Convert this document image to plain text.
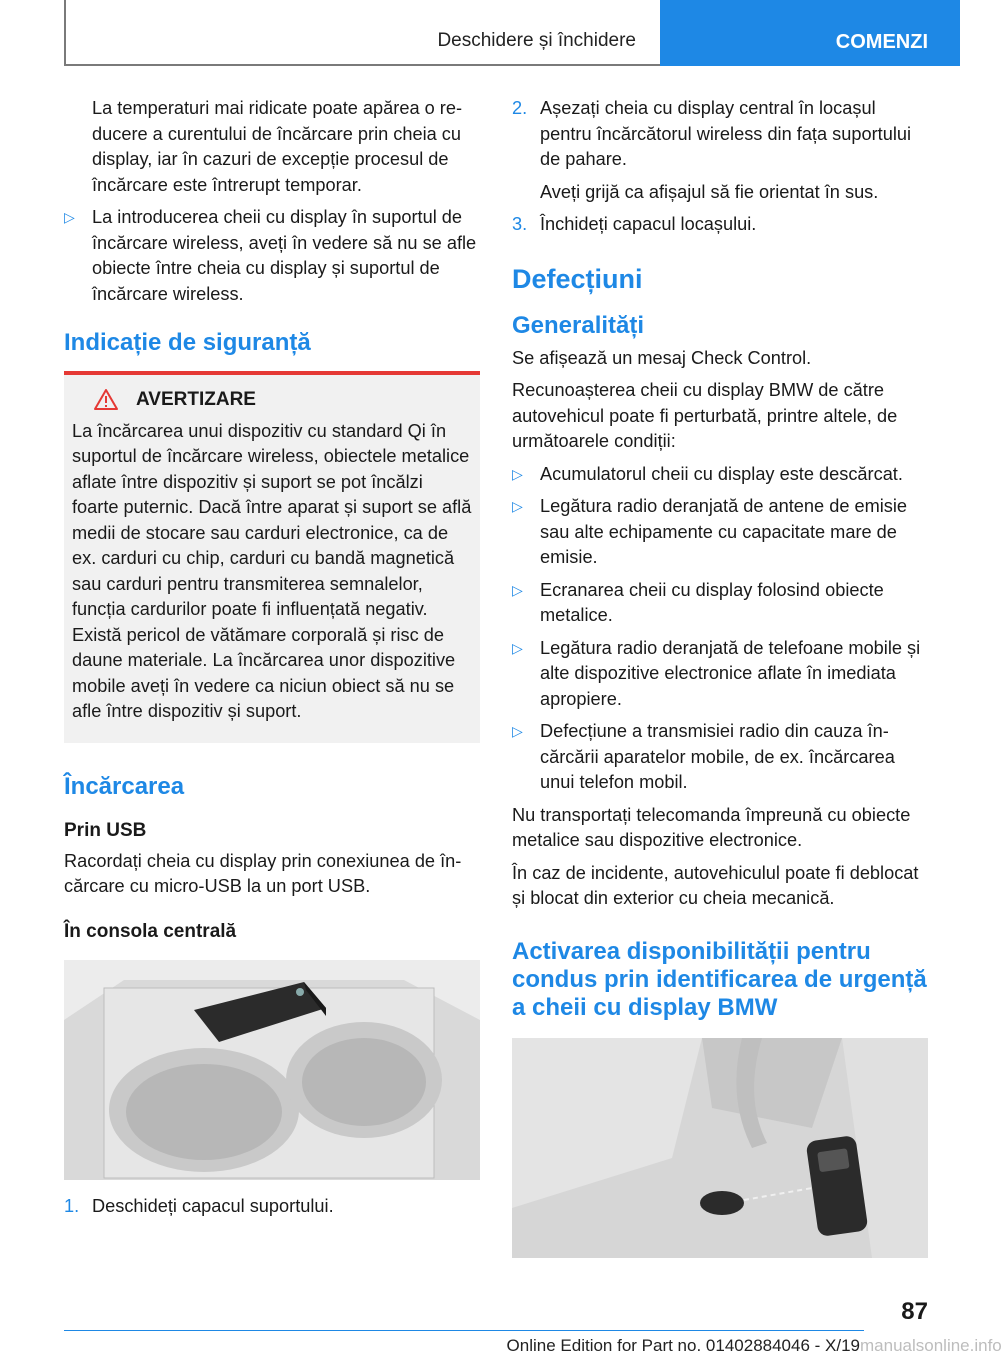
Deschidere și închidere	COMENZI

La temperaturi mai ridicate poate apărea o reducere a curentului de încărcare prin cheia cu display, iar în cazuri de excepție procesul de încărcare este întrerupt temporar.

▷ La introducerea cheii cu display în suportul de încărcare wireless, aveți în vedere să nu se afle obiecte între cheia cu display și suportul de încărcare wireless.
Indicație de siguranță
AVERTIZARE

La încărcarea unui dispozitiv cu standard Qi în suportul de încărcare wireless, obiectele metalice aflate între dispozitiv și suport se pot încălzi foarte puternic. Dacă între aparat și suport se află medii de stocare sau carduri electronice, ca de ex. carduri cu chip, carduri cu bandă magnetică sau carduri pentru transmiterea semnalelor, funcția cardurilor poate fi influențată negativ. Există pericol de vătămare corporală și risc de daune materiale. La încărcarea unor dispozitive mobile aveți în vedere ca niciun obiect să nu se afle între dispozitiv și suport.

Încărcarea
Prin USB

Racordați cheia cu display prin conexiunea de încărcare cu micro-USB la un port USB.

În consola centrală
1. Deschideți capacul suportului.
2. Așezați cheia cu display central în locașul pentru încărcătorul wireless din fața suportului de pahare.

Aveți grijă ca afișajul să fie orientat în sus.

3. Închideți capacul locașului.
Defecțiuni
Generalități

Se afișează un mesaj Check Control.

Recunoașterea cheii cu display BMW de către autovehicul poate fi perturbată, printre altele, de următoarele condiții:

▷ Acumulatorul cheii cu display este descărcat.
▷ Legătura radio deranjată de antene de emisie sau alte echipamente cu capacitate mare de emisie.
▷ Ecranarea cheii cu display folosind obiecte metalice.
▷ Legătura radio deranjată de telefoane mobile și alte dispozitive electronice aflate în imediata apropiere.
▷ Defecțiune a transmisiei radio din cauza încărcării aparatelor mobile, de ex. încărcarea unui telefon mobil.

Nu transportați telecomanda împreună cu obiecte metalice sau dispozitive electronice.

În caz de incidente, autovehiculul poate fi deblocat și blocat din exterior cu cheia mecanică.

Activarea disponibilității pentru condus prin identificarea de urgență a cheii cu display BMW
87
Online Edition for Part no. 01402884046 - X/19 manualsonline.info
